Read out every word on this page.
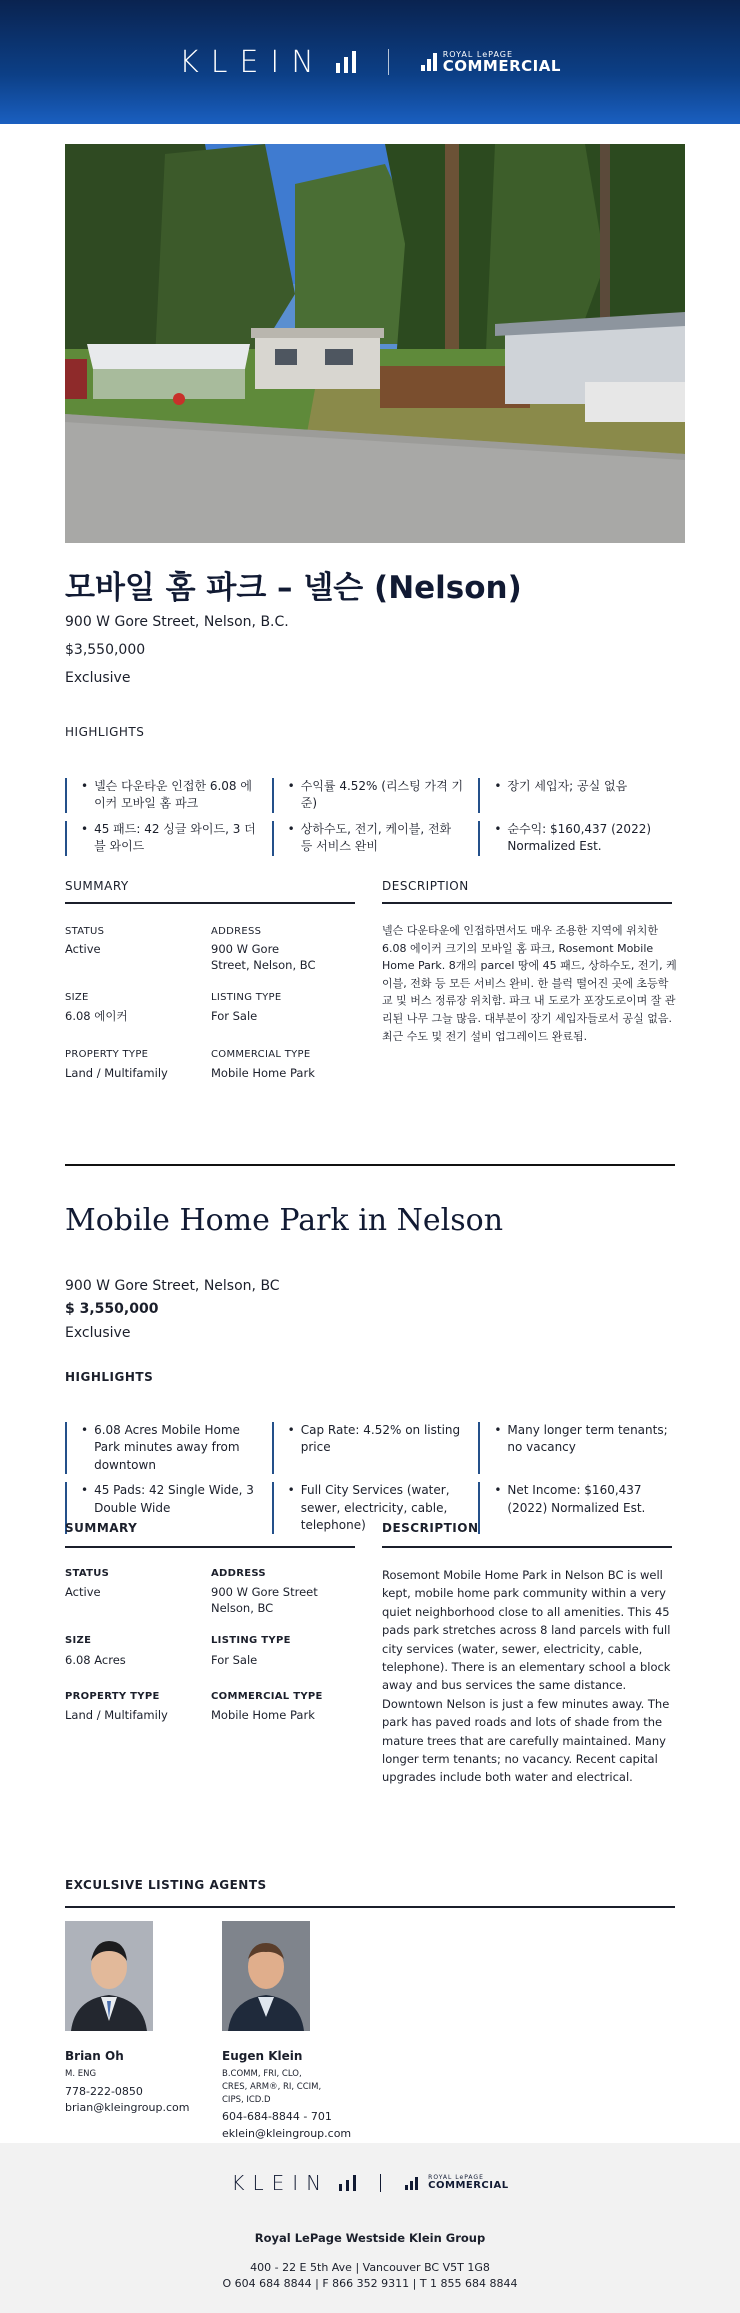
KLEIN	ROYAL LePAGE
COMMERCIAL
모바일 홈 파크 – 넬슨 (Nelson)
900 W Gore Street, Nelson, B.C.
$3,550,000
Exclusive
HIGHLIGHTS
• 넬슨 다운타운 인접한 6.08 에이커 모바일 홈 파크
• 수익률 4.52% (리스팅 가격 기준)
• 장기 세입자; 공실 없음
• 45 패드: 42 싱글 와이드, 3 더블 와이드
• 상하수도, 전기, 케이블, 전화 등 서비스 완비
• 순수익: $160,437 (2022) Normalized Est.
SUMMARY	DESCRIPTION
STATUS
Active
ADDRESS
900 W Gore Street, Nelson, BC
SIZE
6.08 에이커
LISTING TYPE
For Sale
PROPERTY TYPE
Land / Multifamily
COMMERCIAL TYPE
Mobile Home Park
넬슨 다운타운에 인접하면서도 매우 조용한 지역에 위치한 6.08 에이커 크기의 모바일 홈 파크, Rosemont Mobile Home Park. 8개의 parcel 땅에 45 패드, 상하수도, 전기, 케이블, 전화 등 모든 서비스 완비. 한 블럭 떨어진 곳에 초등학교 및 버스 정류장 위치함. 파크 내 도로가 포장도로이며 잘 관리된 나무 그늘 많음. 대부분이 장기 세입자들로서 공실 없음. 최근 수도 및 전기 설비 업그레이드 완료됨.
Mobile Home Park in Nelson
900 W Gore Street, Nelson, BC
$ 3,550,000
Exclusive
HIGHLIGHTS
• 6.08 Acres Mobile Home Park minutes away from downtown
• Cap Rate: 4.52% on listing price
• Many longer term tenants; no vacancy
• 45 Pads: 42 Single Wide, 3 Double Wide
• Full City Services (water, sewer, electricity, cable, telephone)
• Net Income: $160,437 (2022) Normalized Est.
SUMMARY	DESCRIPTION
STATUS
Active
ADDRESS
900 W Gore Street Nelson, BC
SIZE
6.08 Acres
LISTING TYPE
For Sale
PROPERTY TYPE
Land / Multifamily
COMMERCIAL TYPE
Mobile Home Park
Rosemont Mobile Home Park in Nelson BC is well kept, mobile home park community within a very quiet neighborhood close to all amenities. This 45 pads park stretches across 8 land parcels with full city services (water, sewer, electricity, cable, telephone). There is an elementary school a block away and bus services the same distance. Downtown Nelson is just a few minutes away. The park has paved roads and lots of shade from the mature trees that are carefully maintained. Many longer term tenants; no vacancy. Recent capital upgrades include both water and electrical.
EXCULSIVE LISTING AGENTS
Brian Oh
M. ENG
778-222-0850
brian@kleingroup.com
Eugen Klein
B.COMM, FRI, CLO, CRES, ARM®, RI, CCIM, CIPS, ICD.D
604-684-8844 - 701
eklein@kleingroup.com
KLEIN	ROYAL LePAGE
COMMERCIAL
Royal LePage Westside Klein Group
400 - 22 E 5th Ave | Vancouver BC V5T 1G8
O 604 684 8844 | F 866 352 9311 | T 1 855 684 8844
